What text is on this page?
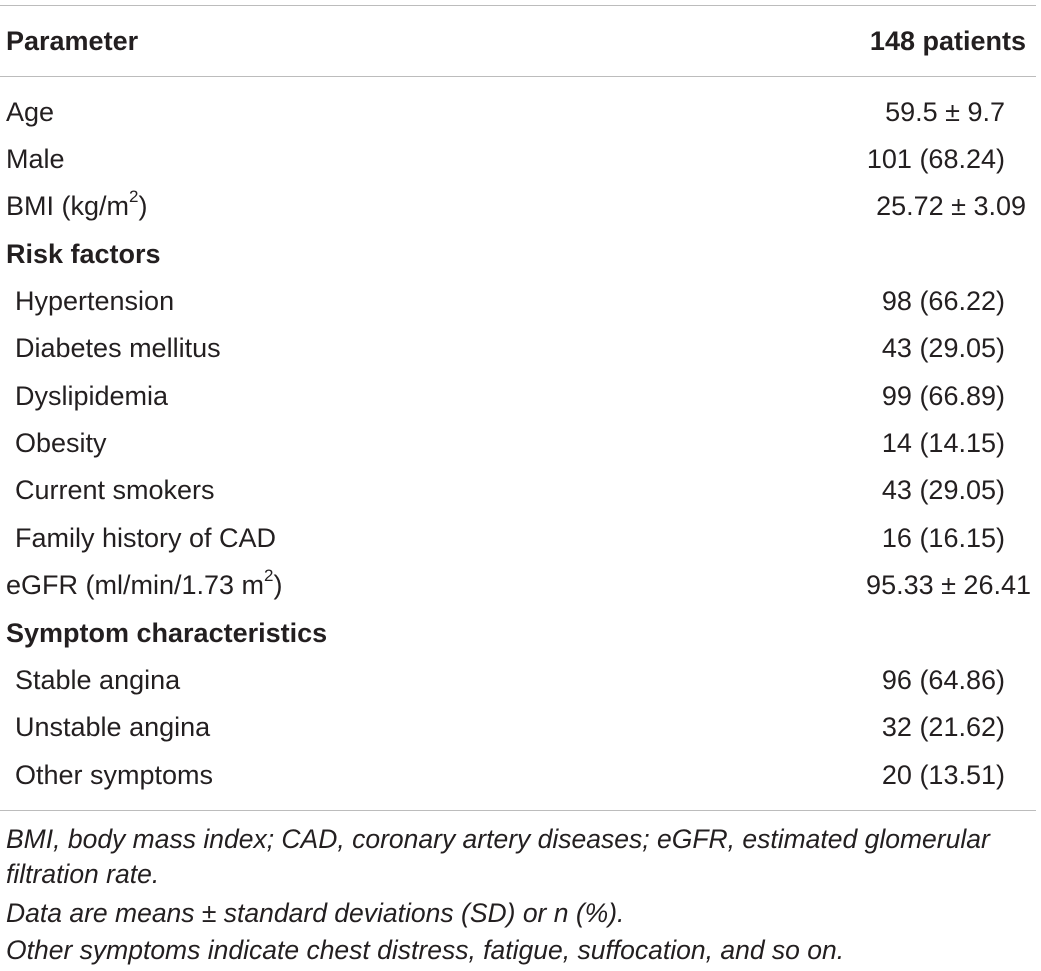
Parameter	148 patients
Age	59.5 ± 9.7
Male	101 (68.24)
BMI $(kg/m^2)$	25.72 ± 3.09
Risk factors
Hypertension	98 (66.22)
Diabetes mellitus	43 (29.05)
Dyslipidemia	99 (66.89)
Obesity	14 (14.15)
Current smokers	43 (29.05)
Family history of CAD	16 (16.15)
eGFR (ml/min/1.73 $m^2$)	95.33 ± 26.41
Symptom characteristics
Stable angina	96 (64.86)
Unstable angina	32 (21.62)
Other symptoms	20 (13.51)
BMI, body mass index; CAD, coronary artery diseases; eGFR, estimated glomerular
filtration rate.
Data are means ± standard deviations (SD) or n (%).
Other symptoms indicate chest distress, fatigue, suffocation, and so on.
